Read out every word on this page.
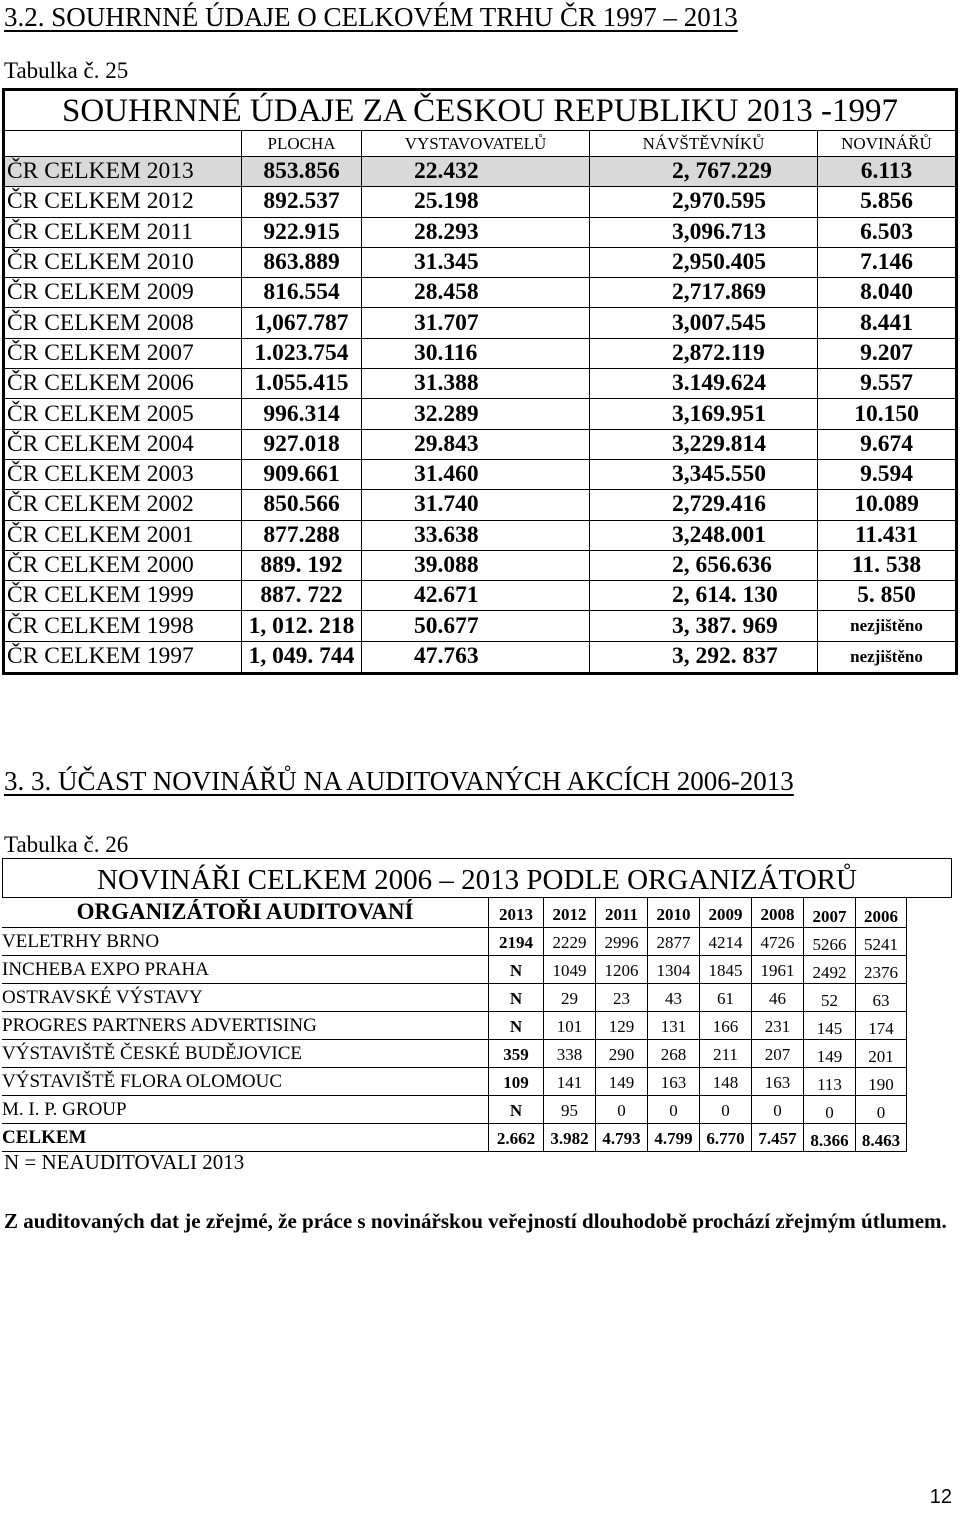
3.2. SOUHRNNÉ ÚDAJE O CELKOVÉM TRHU ČR 1997 – 2013
Tabulka č. 25
SOUHRNNÉ ÚDAJE ZA ČESKOU REPUBLIKU 2013 -1997
PLOCHA	VYSTAVOVATELŮ	NÁVŠTĚVNÍKŮ	NOVINÁŘŮ
ČR CELKEM 2013	853.856	22.432	2, 767.229	6.113
ČR CELKEM 2012	892.537	25.198	2,970.595	5.856
ČR CELKEM 2011	922.915	28.293	3,096.713	6.503
ČR CELKEM 2010	863.889	31.345	2,950.405	7.146
ČR CELKEM 2009	816.554	28.458	2,717.869	8.040
ČR CELKEM 2008	1,067.787	31.707	3,007.545	8.441
ČR CELKEM 2007	1.023.754	30.116	2,872.119	9.207
ČR CELKEM 2006	1.055.415	31.388	3.149.624	9.557
ČR CELKEM 2005	996.314	32.289	3,169.951	10.150
ČR CELKEM 2004	927.018	29.843	3,229.814	9.674
ČR CELKEM 2003	909.661	31.460	3,345.550	9.594
ČR CELKEM 2002	850.566	31.740	2,729.416	10.089
ČR CELKEM 2001	877.288	33.638	3,248.001	11.431
ČR CELKEM 2000	889. 192	39.088	2, 656.636	11. 538
ČR CELKEM 1999	887. 722	42.671	2, 614. 130	5. 850
ČR CELKEM 1998	1, 012. 218	50.677	3, 387. 969	nezjištěno
ČR CELKEM 1997	1, 049. 744	47.763	3, 292. 837	nezjištěno
3. 3. ÚČAST NOVINÁŘŮ NA AUDITOVANÝCH AKCÍCH 2006-2013
Tabulka č. 26
NOVINÁŘI CELKEM 2006 – 2013 PODLE ORGANIZÁTORŮ
ORGANIZÁTOŘI AUDITOVANÍ	2013	2012	2011	2010	2009	2008	2007	2006
VELETRHY BRNO	2194	2229	2996	2877	4214	4726	5266	5241
INCHEBA EXPO PRAHA	N	1049	1206	1304	1845	1961	2492	2376
OSTRAVSKÉ VÝSTAVY	N	29	23	43	61	46	52	63
PROGRES PARTNERS ADVERTISING	N	101	129	131	166	231	145	174
VÝSTAVIŠTĚ ČESKÉ BUDĚJOVICE	359	338	290	268	211	207	149	201
VÝSTAVIŠTĚ FLORA OLOMOUC	109	141	149	163	148	163	113	190
M. I. P. GROUP	N	95	0	0	0	0	0	0
CELKEM	2.662 3.982 4.793 4.799 6.770 7.457 8.366 8.463
N = NEAUDITOVALI 2013
Z auditovaných dat je zřejmé, že práce s novinářskou veřejností dlouhodobě prochází zřejmým útlumem.
12
